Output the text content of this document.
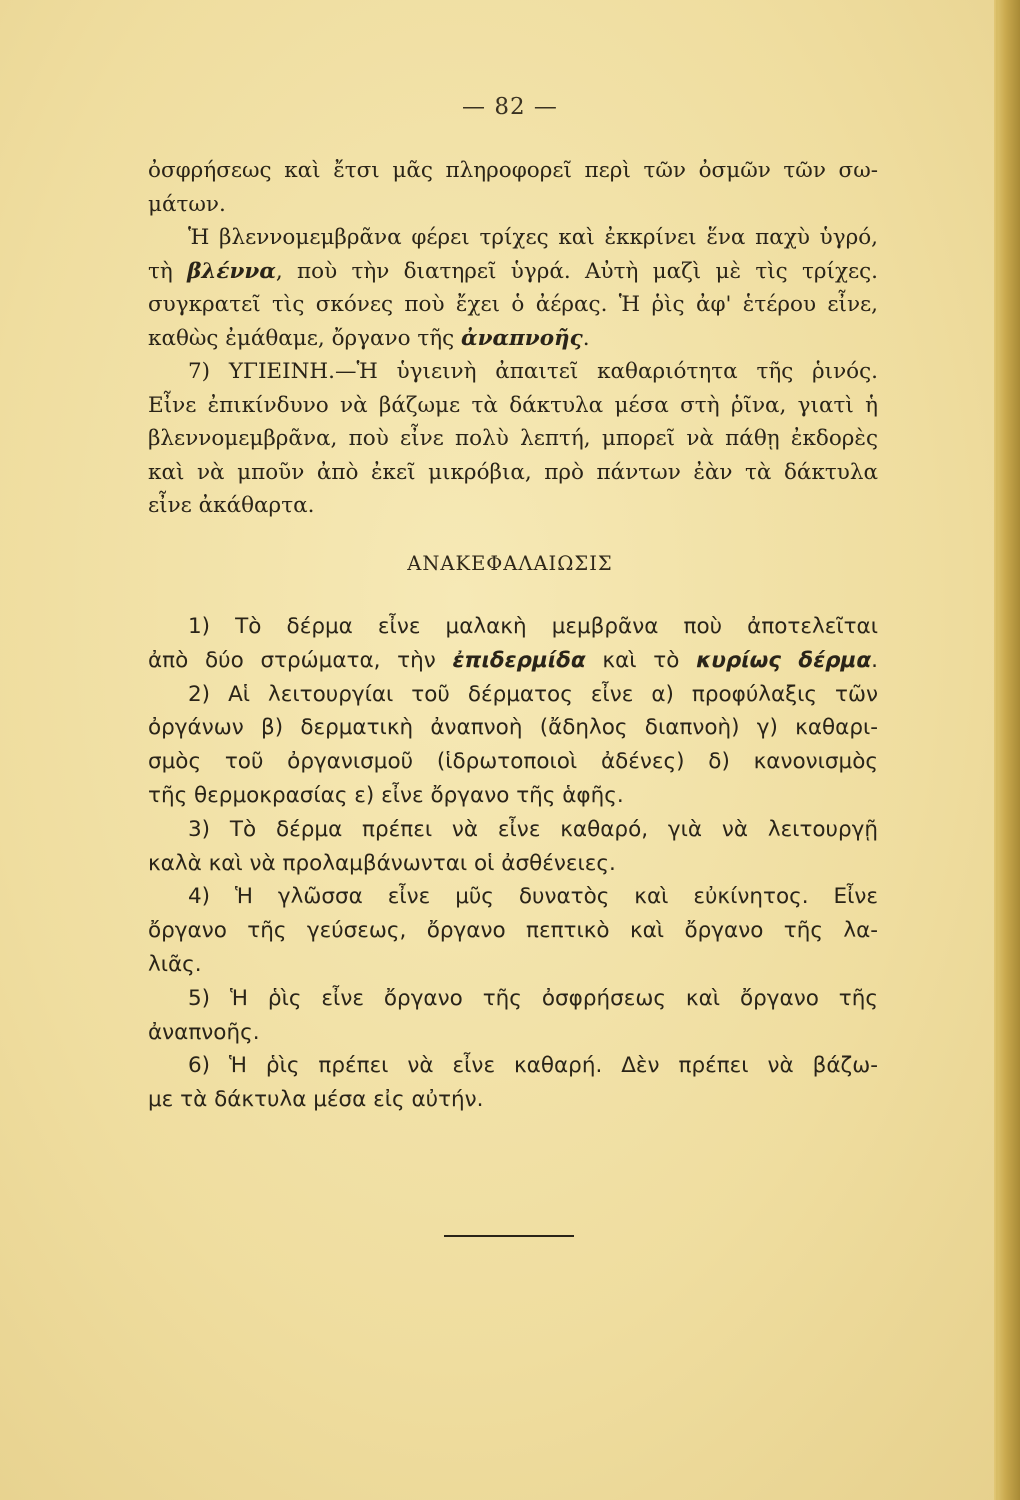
— 82 —
ὀσφρήσεως καὶ ἔτσι μᾶς πληροφορεῖ περὶ τῶν ὀσμῶν τῶν σω-
μάτων.
Ἡ βλεννομεμβρᾶνα φέρει τρίχες καὶ ἐκκρίνει ἕνα παχὺ ὑγρό,
τὴ βλέννα, ποὺ τὴν διατηρεῖ ὑγρά. Αὐτὴ μαζὶ μὲ τὶς τρίχες.
συγκρατεῖ τὶς σκόνες ποὺ ἔχει ὁ ἀέρας. Ἡ ῥὶς ἀφ' ἑτέρου εἶνε,
καθὼς ἐμάθαμε, ὄργανο τῆς ἀναπνοῆς.
7) ΥΓΙΕΙΝΗ.—Ἡ ὑγιεινὴ ἀπαιτεῖ καθαριότητα τῆς ῥινός.
Εἶνε ἐπικίνδυνο νὰ βάζωμε τὰ δάκτυλα μέσα στὴ ῥῖνα, γιατὶ ἡ
βλεννομεμβρᾶνα, ποὺ εἶνε πολὺ λεπτή, μπορεῖ νὰ πάθῃ ἐκδορὲς
καὶ νὰ μποῦν ἀπὸ ἐκεῖ μικρόβια, πρὸ πάντων ἐὰν τὰ δάκτυλα
εἶνε ἀκάθαρτα.
ΑΝΑΚΕΦΑΛΑΙΩΣΙΣ
1) Τὸ δέρμα εἶνε μαλακὴ μεμβρᾶνα ποὺ ἀποτελεῖται
ἀπὸ δύο στρώματα, τὴν ἐπιδερμίδα καὶ τὸ κυρίως δέρμα.
2) Αἱ λειτουργίαι τοῦ δέρματος εἶνε α) προφύλαξις τῶν
ὀργάνων β) δερματικὴ ἀναπνοὴ (ἄδηλος διαπνοὴ) γ) καθαρι-
σμὸς τοῦ ὀργανισμοῦ (ἱδρωτοποιοὶ ἀδένες) δ) κανονισμὸς
τῆς θερμοκρασίας ε) εἶνε ὄργανο τῆς ἁφῆς.
3) Τὸ δέρμα πρέπει νὰ εἶνε καθαρό, γιὰ νὰ λειτουργῇ
καλὰ καὶ νὰ προλαμβάνωνται οἱ ἀσθένειες.
4) Ἡ γλῶσσα εἶνε μῦς δυνατὸς καὶ εὐκίνητος. Εἶνε
ὄργανο τῆς γεύσεως, ὄργανο πεπτικὸ καὶ ὄργανο τῆς λα-
λιᾶς.
5) Ἡ ῥὶς εἶνε ὄργανο τῆς ὀσφρήσεως καὶ ὄργανο τῆς
ἀναπνοῆς.
6) Ἡ ῥὶς πρέπει νὰ εἶνε καθαρή. Δὲν πρέπει νὰ βάζω-
με τὰ δάκτυλα μέσα εἰς αὐτήν.
